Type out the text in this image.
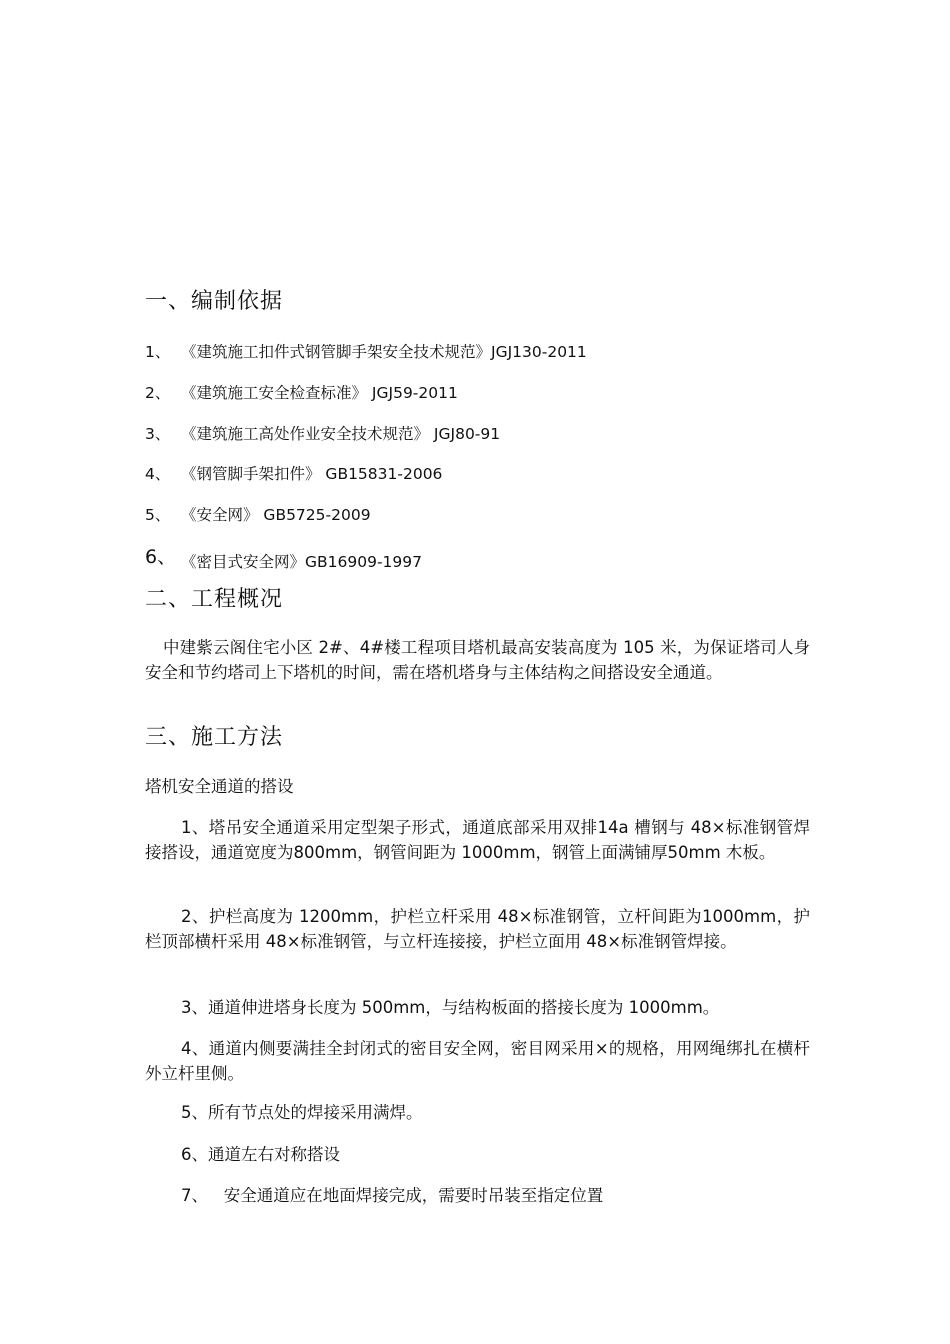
一、编制依据
1、 《建筑施工扣件式钢管脚手架安全技术规范》JGJ130-2011
2、 《建筑施工安全检查标准》 JGJ59-2011
3、 《建筑施工高处作业安全技术规范》 JGJ80-91
4、 《钢管脚手架扣件》 GB15831-2006
5、 《安全网》 GB5725-2009
6、 《密目式安全网》GB16909-1997
二、工程概况
中建紫云阁住宅小区 2#、4#楼工程项目塔机最高安装高度为 105 米，为保证塔司人身安全和节约塔司上下塔机的时间，需在塔机塔身与主体结构之间搭设安全通道。
三、施工方法
塔机安全通道的搭设
1、塔吊安全通道采用定型架子形式，通道底部采用双排14a 槽钢与 48×标准钢管焊接搭设，通道宽度为800mm，钢管间距为 1000mm，钢管上面满铺厚50mm 木板。
2、护栏高度为 1200mm，护栏立杆采用 48×标准钢管，立杆间距为1000mm，护栏顶部横杆采用 48×标准钢管，与立杆连接接，护栏立面用 48×标准钢管焊接。
3、通道伸进塔身长度为 500mm，与结构板面的搭接长度为 1000mm。
4、通道内侧要满挂全封闭式的密目安全网，密目网采用×的规格，用网绳绑扎在横杆外立杆里侧。
5、所有节点处的焊接采用满焊。
6、通道左右对称搭设
7、   安全通道应在地面焊接完成，需要时吊装至指定位置
